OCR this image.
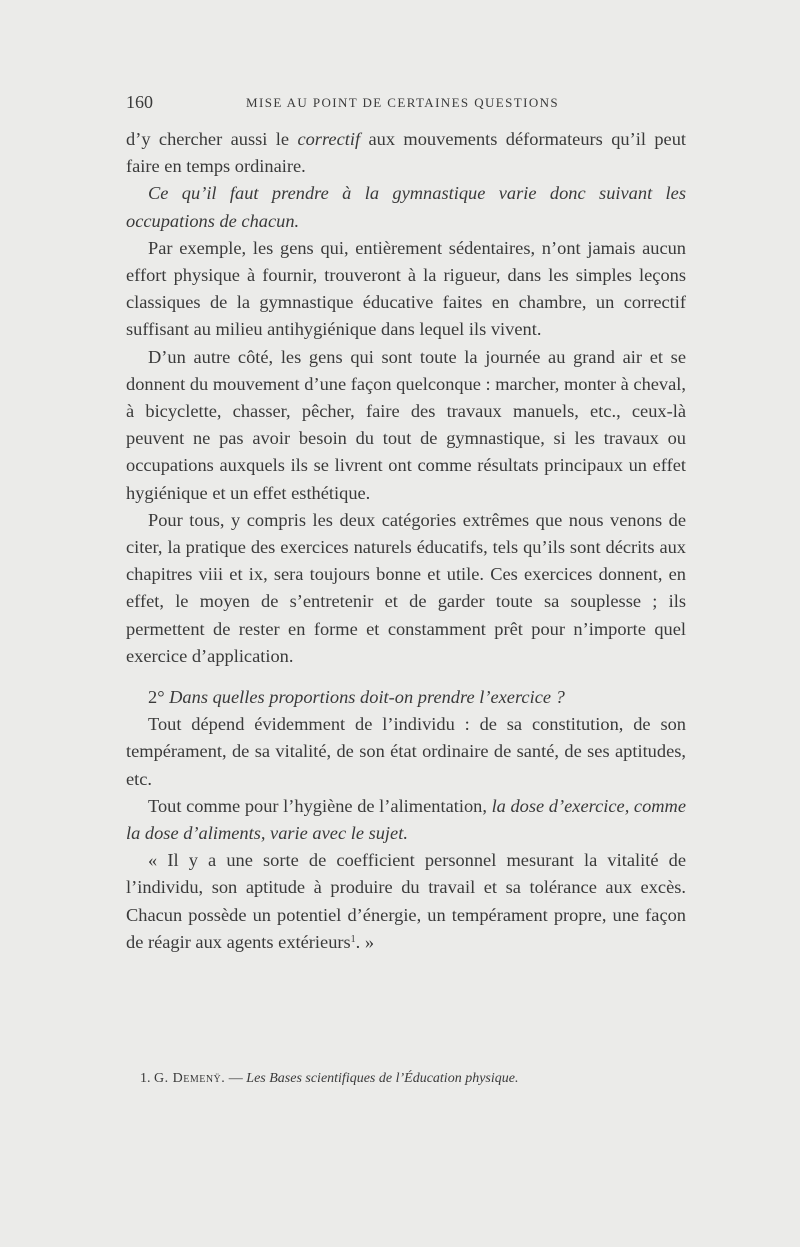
160	MISE AU POINT DE CERTAINES QUESTIONS

d’y chercher aussi le correctif aux mouvements déformateurs qu’il peut faire en temps ordinaire.

Ce qu’il faut prendre à la gymnastique varie donc suivant les occupations de chacun.

Par exemple, les gens qui, entièrement sédentaires, n’ont jamais aucun effort physique à fournir, trouveront à la rigueur, dans les simples leçons classiques de la gymnastique éducative faites en chambre, un correctif suffisant au milieu antihygiénique dans lequel ils vivent.

D’un autre côté, les gens qui sont toute la journée au grand air et se donnent du mouvement d’une façon quelconque : marcher, monter à cheval, à bicyclette, chasser, pêcher, faire des travaux manuels, etc., ceux-là peuvent ne pas avoir besoin du tout de gymnastique, si les travaux ou occupations auxquels ils se livrent ont comme résultats principaux un effet hygiénique et un effet esthétique.

Pour tous, y compris les deux catégories extrêmes que nous venons de citer, la pratique des exercices naturels éducatifs, tels qu’ils sont décrits aux chapitres viii et ix, sera toujours bonne et utile. Ces exercices donnent, en effet, le moyen de s’entretenir et de garder toute sa souplesse ; ils permettent de rester en forme et constamment prêt pour n’importe quel exercice d’application.

2° Dans quelles proportions doit-on prendre l’exercice ?

Tout dépend évidemment de l’individu : de sa constitution, de son tempérament, de sa vitalité, de son état ordinaire de santé, de ses aptitudes, etc.

Tout comme pour l’hygiène de l’alimentation, la dose d’exercice, comme la dose d’aliments, varie avec le sujet.

« Il y a une sorte de coefficient personnel mesurant la vitalité de l’individu, son aptitude à produire du travail et sa tolérance aux excès. Chacun possède un potentiel d’énergie, un tempérament propre, une façon de réagir aux agents extérieurs$^1$. »

1. G. Demenÿ. — Les Bases scientifiques de l’Éducation physique.
